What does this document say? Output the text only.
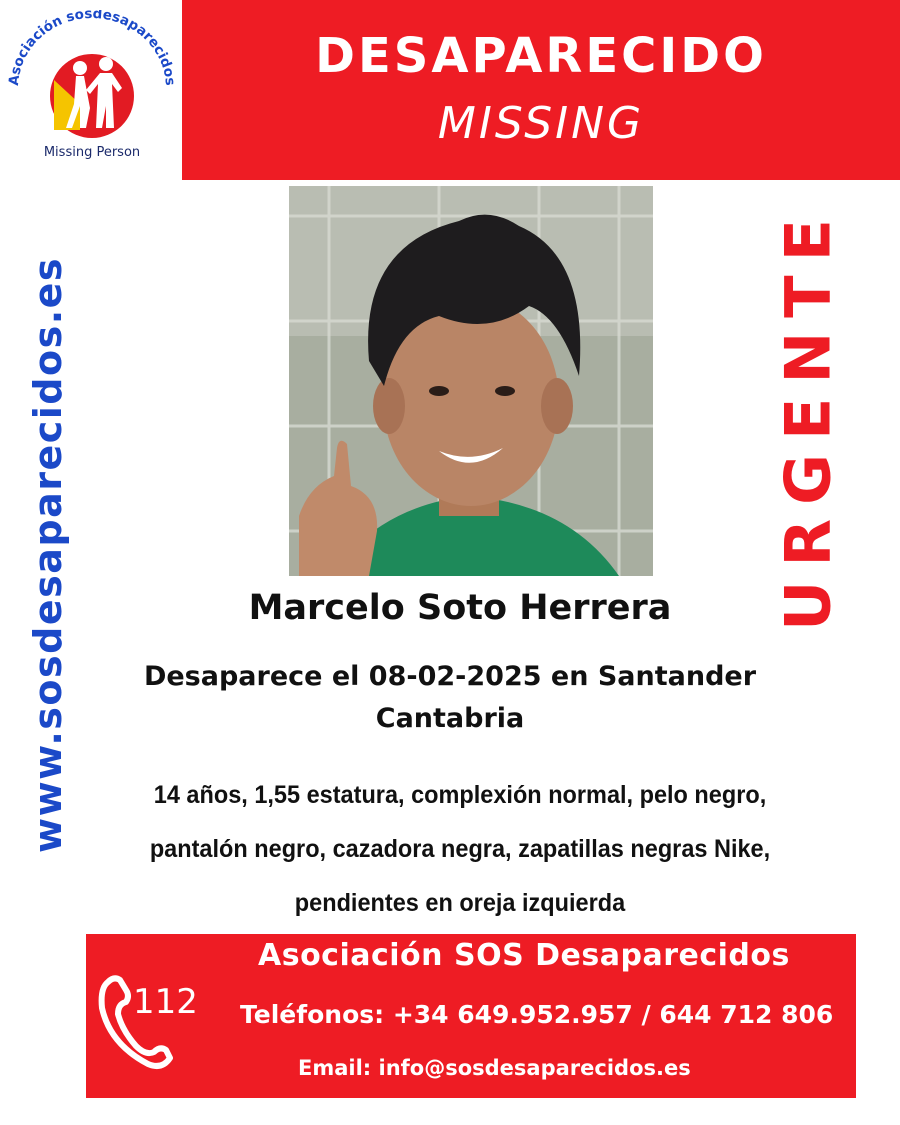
Asociación sosdesaparecidos
Missing Person
DESAPARECIDO
MISSING
www.sosdesaparecidos.es	URGENTE
Marcelo Soto Herrera
Desaparece el 08-02-2025 en Santander
Cantabria
14 años, 1,55 estatura, complexión normal, pelo negro,
pantalón negro, cazadora negra, zapatillas negras Nike,
pendientes en oreja izquierda
112
Asociación SOS Desaparecidos
Teléfonos: +34 649.952.957 / 644 712 806
Email: info@sosdesaparecidos.es
